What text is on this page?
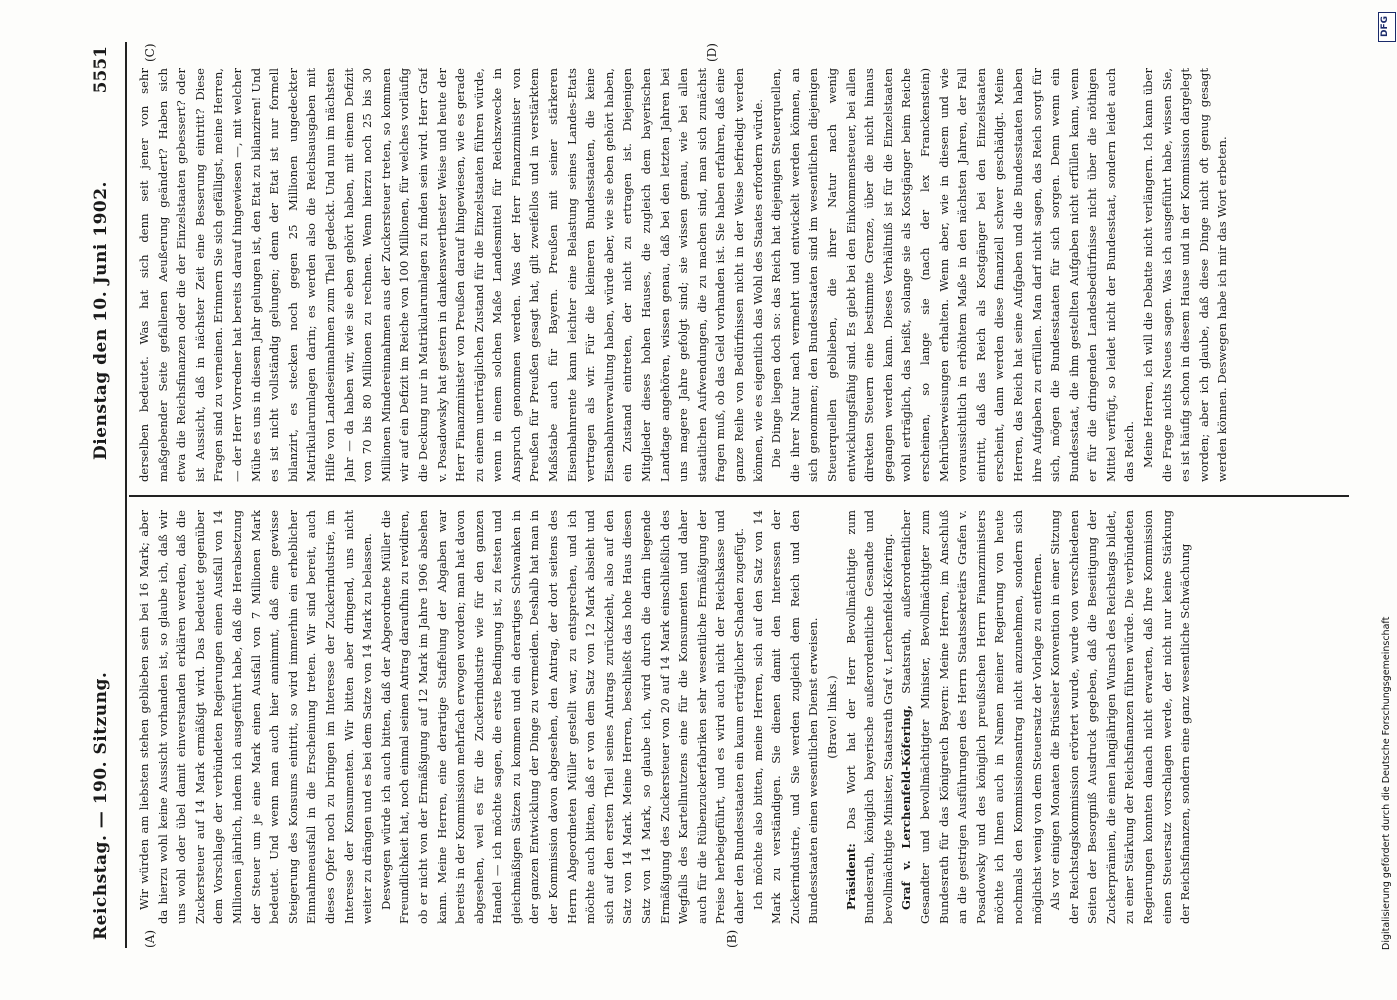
Reichstag. — 190. Sitzung.
Dienstag den 10. Juni 1902.
5551
(A)	(B)
(C)	(D)

Wir würden am liebsten stehen geblieben sein bei 16 Mark; aber da hierzu wohl keine Aussicht vorhanden ist, so glaube ich, daß wir uns wohl oder übel damit einverstanden erklären werden, daß die Zuckersteuer auf 14 Mark ermäßigt wird. Das bedeutet gegenüber dem Vorschlage der verbündeten Regierungen einen Ausfall von 14 Millionen jährlich, indem ich ausgeführt habe, daß die Herabsetzung der Steuer um je eine Mark einen Ausfall von 7 Millionen Mark bedeutet. Und wenn man auch hier annimmt, daß eine gewisse Steigerung des Konsums eintritt, so wird immerhin ein erheblicher Einnahmeausfall in die Erscheinung treten. Wir sind bereit, auch dieses Opfer noch zu bringen im Interesse der Zuckerindustrie, im Interesse der Konsumenten. Wir bitten aber dringend, uns nicht weiter zu drängen und es bei dem Satze von 14 Mark zu belassen. Deswegen würde ich auch bitten, daß der Abgeordnete Müller die Freundlichkeit hat, noch einmal seinen Antrag daraufhin zu revidiren, ob er nicht von der Ermäßigung auf 12 Mark im Jahre 1906 absehen kann. Meine Herren, eine derartige Staffelung der Abgaben war bereits in der Kommission mehrfach erwogen worden; man hat davon abgesehen, weil es für die Zuckerindustrie wie für den ganzen Handel — ich möchte sagen, die erste Bedingung ist, zu festen und gleichmäßigen Sätzen zu kommen und ein derartiges Schwanken in der ganzen Entwicklung der Dinge zu vermeiden. Deshalb hat man in der Kommission davon abgesehen, den Antrag, der dort seitens des Herrn Abgeordneten Müller gestellt war, zu entsprechen, und ich möchte auch bitten, daß er von dem Satz von 12 Mark absieht und sich auf den ersten Theil seines Antrags zurückzieht, also auf den Satz von 14 Mark. Meine Herren, beschließt das hohe Haus diesen Satz von 14 Mark, so glaube ich, wird durch die darin liegende Ermäßigung des Zuckersteuer von 20 auf 14 Mark einschließlich des Wegfalls des Kartellnutzens eine für die Konsumenten und daher auch für die Rübenzuckerfabriken sehr wesentliche Ermäßigung der Preise herbeigeführt, und es wird auch nicht der Reichskasse und daher den Bundesstaaten ein kaum erträglicher Schaden zugefügt. Ich möchte also bitten, meine Herren, sich auf den Satz von 14 Mark zu verständigen. Sie dienen damit den Interessen der Zuckerindustrie, und Sie werden zugleich dem Reich und den Bundesstaaten einen wesentlichen Dienst erweisen. (Bravo! links.)

Präsident: Das Wort hat der Herr Bevollmächtigte zum Bundesrath, königlich bayerische außerordentliche Gesandte und bevollmächtigte Minister, Staatsrath Graf v. Lerchenfeld-Köfering. Graf v. Lerchenfeld-Köfering, Staatsrath, außerordentlicher Gesandter und bevollmächtigter Minister, Bevollmächtigter zum Bundesrath für das Königreich Bayern: Meine Herren, im Anschluß an die gestrigen Ausführungen des Herrn Staatssekretärs Grafen v. Posadowsky und des königlich preußischen Herrn Finanzministers möchte ich Ihnen auch in Namen meiner Regierung von heute nochmals den Kommissionsantrag nicht anzunehmen, sondern sich möglichst wenig von dem Steuersatz der Vorlage zu entfernen. Als vor einigen Monaten die Brüsseler Konvention in einer Sitzung der Reichstagskommission erörtert wurde, wurde von verschiedenen Seiten der Besorgniß Ausdruck gegeben, daß die Beseitigung der Zuckerprämien, die einen langjährigen Wunsch des Reichstags bildet, zu einer Stärkung der Reichsfinanzen führen würde. Die verbündeten Regierungen konnten danach nicht erwarten, daß Ihre Kommission einen Steuersatz vorschlagen werde, der nicht nur keine Stärkung der Reichsfinanzen, sondern eine ganz wesentliche Schwächung

derselben bedeutet. Was hat sich denn seit jener von sehr maßgebender Seite gefallenen Aeußerung geändert? Haben sich etwa die Reichsfinanzen oder die der Einzelstaaten gebessert? oder ist Aussicht, daß in nächster Zeit eine Besserung eintritt? Diese Fragen sind zu verneinen. Erinnern Sie sich gefälligst, meine Herren, — der Herr Vorredner hat bereits darauf hingewiesen —, mit welcher Mühe es uns in diesem Jahr gelungen ist, den Etat zu bilanziren! Und es ist nicht vollständig gelungen; denn der Etat ist nur formell bilanzirt, es stecken noch gegen 25 Millionen ungedeckter Matrikularumlagen darin; es werden also die Reichsausgaben mit Hilfe von Landeseinnahmen zum Theil gedeckt. Und nun im nächsten Jahr — da haben wir, wie sie eben gehört haben, mit einem Defizit von 70 bis 80 Millionen zu rechnen. Wenn hierzu noch 25 bis 30 Millionen Mindereinnahmen aus der Zuckersteuer treten, so kommen wir auf ein Defizit im Reiche von 100 Millionen, für welches vorläufig die Deckung nur in Matrikularumlagen zu finden sein wird. Herr Graf v. Posadowsky hat gestern in dankenswerthester Weise und heute der Herr Finanzminister von Preußen darauf hingewiesen, wie es gerade zu einem unerträglichen Zustand für die Einzelstaaten führen würde, wenn in einem solchen Maße Landesmittel für Reichszwecke in Anspruch genommen werden. Was der Herr Finanzminister von Preußen für Preußen gesagt hat, gilt zweifellos und in verstärktem Maßstabe auch für Bayern. Preußen mit seiner stärkeren Eisenbahnrente kann leichter eine Belastung seines Landes-Etats vertragen als wir. Für die kleineren Bundesstaaten, die keine Eisenbahnverwaltung haben, würde aber, wie sie eben gehört haben, ein Zustand eintreten, der nicht zu ertragen ist. Diejenigen Mitglieder dieses hohen Hauses, die zugleich dem bayerischen Landtage angehören, wissen genau, daß bei den letzten Jahren bei uns magere Jahre gefolgt sind; sie wissen genau, wie bei allen staatlichen Aufwendungen, die zu machen sind, man sich zunächst fragen muß, ob das Geld vorhanden ist. Sie haben erfahren, daß eine ganze Reihe von Bedürfnissen nicht in der Weise befriedigt werden können, wie es eigentlich das Wohl des Staates erfordern würde. Die Dinge liegen doch so: das Reich hat diejenigen Steuerquellen, die ihrer Natur nach vermehrt und entwickelt werden können, an sich genommen; den Bundesstaaten sind im wesentlichen diejenigen Steuerquellen geblieben, die ihrer Natur nach wenig entwicklungsfähig sind. Es giebt bei den Einkommensteuer, bei allen direkten Steuern eine bestimmte Grenze, über die nicht hinaus gegangen werden kann. Dieses Verhältniß ist für die Einzelstaaten wohl erträglich, das heißt, solange sie als Kostgänger beim Reiche erscheinen, so lange sie (nach der lex Franckenstein) Mehrüberweisungen erhalten. Wenn aber, wie in diesem und wie voraussichtlich in erhöhtem Maße in den nächsten Jahren, der Fall eintritt, daß das Reich als Kostgänger bei den Einzelstaaten erscheint, dann werden diese finanziell schwer geschädigt. Meine Herren, das Reich hat seine Aufgaben und die Bundesstaaten haben ihre Aufgaben zu erfüllen. Man darf nicht sagen, das Reich sorgt für sich, mögen die Bundesstaaten für sich sorgen. Denn wenn ein Bundesstaat, die ihm gestellten Aufgaben nicht erfüllen kann, wenn er für die dringenden Landesbedürfnisse nicht über die nöthigen Mittel verfügt, so leidet nicht der Bundesstaat, sondern leidet auch das Reich. Meine Herren, ich will die Debatte nicht verlängern. Ich kann über die Frage nichts Neues sagen. Was ich ausgeführt habe, wissen Sie, es ist häufig schon in diesem Hause und in der Kommission dargelegt worden; aber ich glaube, daß diese Dinge nicht oft genug gesagt werden können. Deswegen habe ich mir das Wort erbeten.

DFG
Digitalisierung gefördert durch die Deutsche Forschungsgemeinschaft
